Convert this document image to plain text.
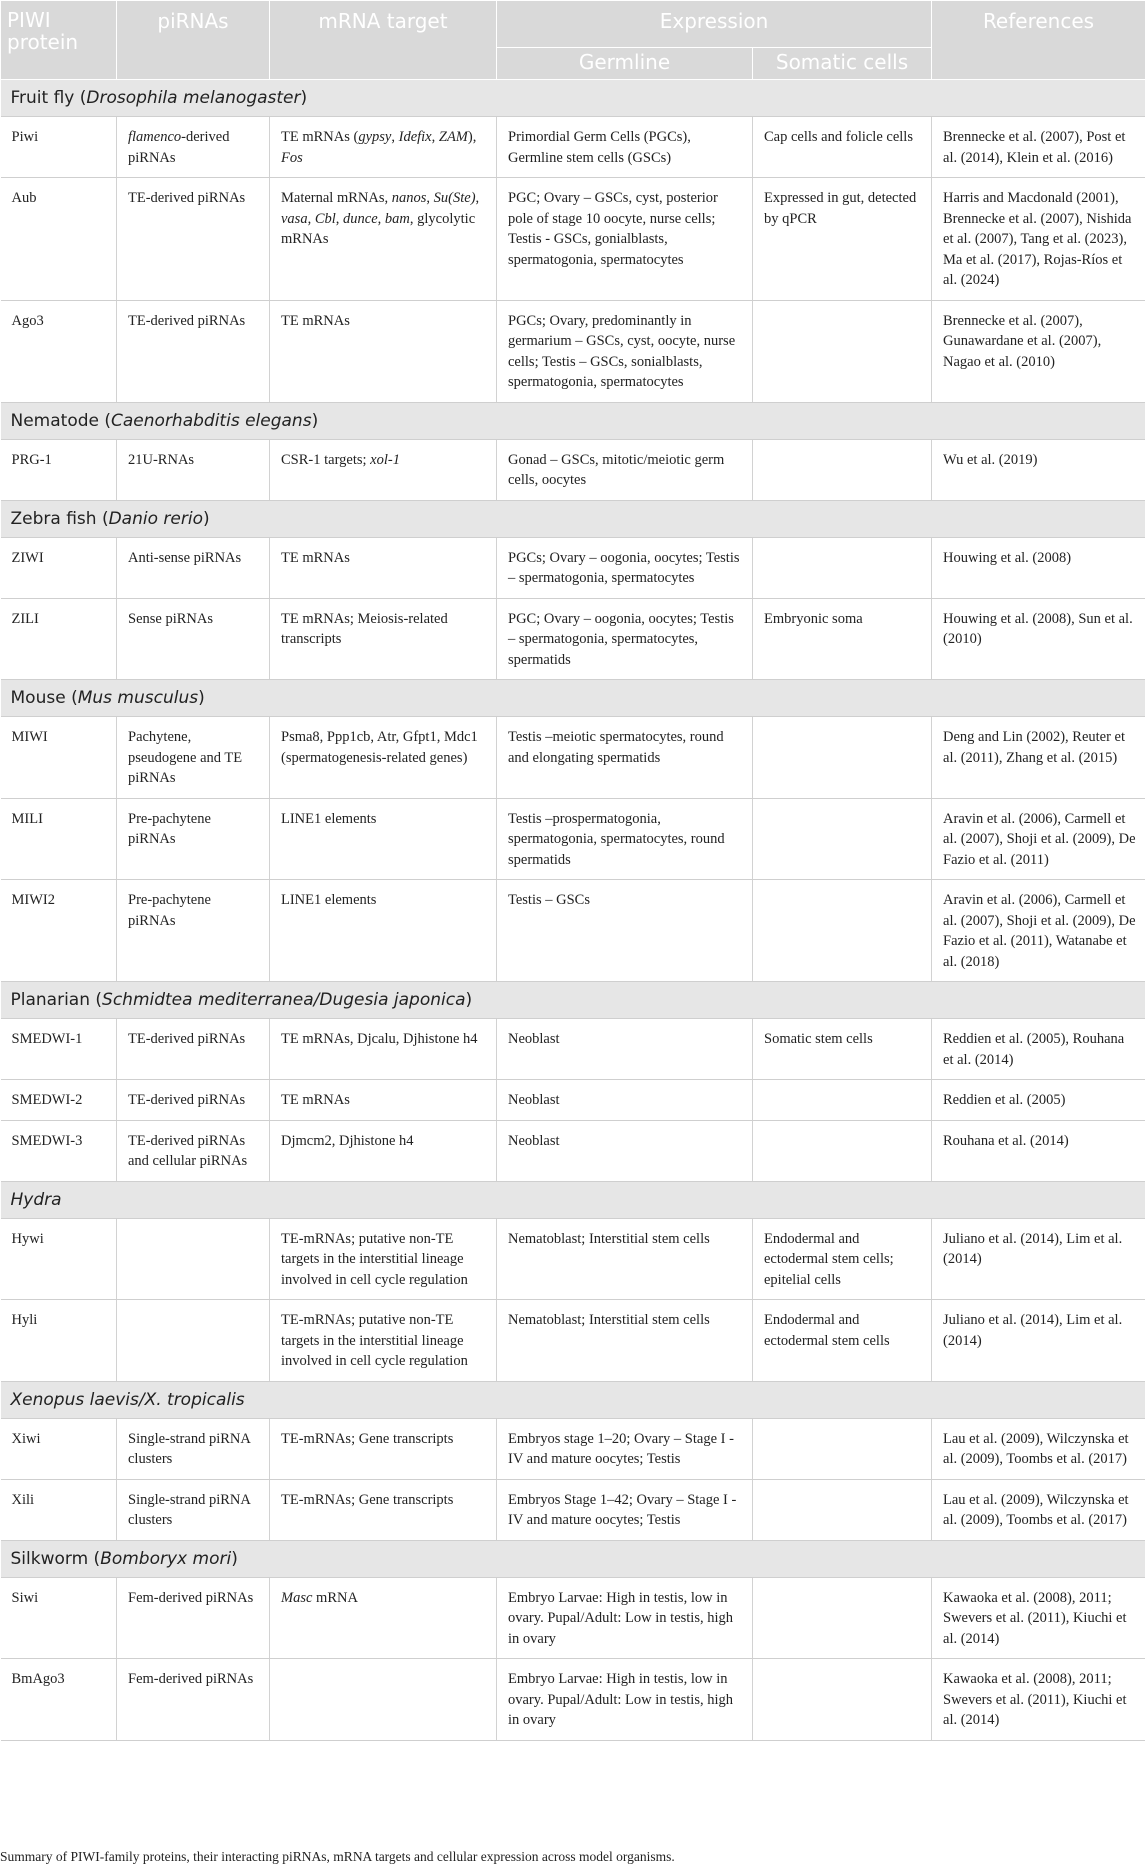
PIWI protein	piRNAs	mRNA target	Expression		References
			Germline	Somatic cells	
Fruit fly (Drosophila melanogaster)					
Piwi	flamenco-derived piRNAs	TE mRNAs (gypsy, Idefix, ZAM), Fos	Primordial Germ Cells (PGCs), Germline stem cells (GSCs)	Cap cells and folicle cells	Brennecke et al. (2007), Post et al. (2014), Klein et al. (2016)
Aub	TE-derived piRNAs	Maternal mRNAs, nanos, Su(Ste), vasa, Cbl, dunce, bam, glycolytic mRNAs	PGC; Ovary – GSCs, cyst, posterior pole of stage 10 oocyte, nurse cells; Testis - GSCs, gonialblasts, spermatogonia, spermatocytes	Expressed in gut, detected by qPCR	Harris and Macdonald (2001), Brennecke et al. (2007), Nishida et al. (2007), Tang et al. (2023), Ma et al. (2017), Rojas-Ríos et al. (2024)
Ago3	TE-derived piRNAs	TE mRNAs	PGCs; Ovary, predominantly in germarium – GSCs, cyst, oocyte, nurse cells; Testis – GSCs, sonialblasts, spermatogonia, spermatocytes		Brennecke et al. (2007), Gunawardane et al. (2007), Nagao et al. (2010)
Nematode (Caenorhabditis elegans)					
PRG-1	21U-RNAs	CSR-1 targets; xol-1	Gonad – GSCs, mitotic/meiotic germ cells, oocytes		Wu et al. (2019)
Zebra fish (Danio rerio)					
ZIWI	Anti-sense piRNAs	TE mRNAs	PGCs; Ovary – oogonia, oocytes; Testis – spermatogonia, spermatocytes		Houwing et al. (2008)
ZILI	Sense piRNAs	TE mRNAs; Meiosis-related transcripts	PGC; Ovary – oogonia, oocytes; Testis – spermatogonia, spermatocytes, spermatids	Embryonic soma	Houwing et al. (2008), Sun et al. (2010)
Mouse (Mus musculus)					
MIWI	Pachytene, pseudogene and TE piRNAs	Psma8, Ppp1cb, Atr, Gfpt1, Mdc1 (spermatogenesis-related genes)	Testis –meiotic spermatocytes, round and elongating spermatids		Deng and Lin (2002), Reuter et al. (2011), Zhang et al. (2015)
MILI	Pre-pachytene piRNAs	LINE1 elements	Testis –prospermatogonia, spermatogonia, spermatocytes, round spermatids		Aravin et al. (2006), Carmell et al. (2007), Shoji et al. (2009), De Fazio et al. (2011)
MIWI2	Pre-pachytene piRNAs	LINE1 elements	Testis – GSCs		Aravin et al. (2006), Carmell et al. (2007), Shoji et al. (2009), De Fazio et al. (2011), Watanabe et al. (2018)
Planarian (Schmidtea mediterranea/Dugesia japonica)					
SMEDWI-1	TE-derived piRNAs	TE mRNAs, Djcalu, Djhistone h4	Neoblast	Somatic stem cells	Reddien et al. (2005), Rouhana et al. (2014)
SMEDWI-2	TE-derived piRNAs	TE mRNAs	Neoblast		Reddien et al. (2005)
SMEDWI-3	TE-derived piRNAs and cellular piRNAs	Djmcm2, Djhistone h4	Neoblast		Rouhana et al. (2014)
Hydra					
Hywi		TE-mRNAs; putative non-TE targets in the interstitial lineage involved in cell cycle regulation	Nematoblast; Interstitial stem cells	Endodermal and ectodermal stem cells; epitelial cells	Juliano et al. (2014), Lim et al. (2014)
Hyli		TE-mRNAs; putative non-TE targets in the interstitial lineage involved in cell cycle regulation	Nematoblast; Interstitial stem cells	Endodermal and ectodermal stem cells	Juliano et al. (2014), Lim et al. (2014)
Xenopus laevis/X. tropicalis					
Xiwi	Single-strand piRNA clusters	TE-mRNAs; Gene transcripts	Embryos stage 1–20; Ovary – Stage I - IV and mature oocytes; Testis		Lau et al. (2009), Wilczynska et al. (2009), Toombs et al. (2017)
Xili	Single-strand piRNA clusters	TE-mRNAs; Gene transcripts	Embryos Stage 1–42; Ovary – Stage I - IV and mature oocytes; Testis		Lau et al. (2009), Wilczynska et al. (2009), Toombs et al. (2017)
Silkworm (Bomboryx mori)					
Siwi	Fem-derived piRNAs	Masc mRNA	Embryo Larvae: High in testis, low in ovary. Pupal/Adult: Low in testis, high in ovary		Kawaoka et al. (2008), 2011; Swevers et al. (2011), Kiuchi et al. (2014)
BmAgo3	Fem-derived piRNAs		Embryo Larvae: High in testis, low in ovary. Pupal/Adult: Low in testis, high in ovary		Kawaoka et al. (2008), 2011; Swevers et al. (2011), Kiuchi et al. (2014)
Summary of PIWI-family proteins, their interacting piRNAs, mRNA targets and cellular expression across model organisms.
